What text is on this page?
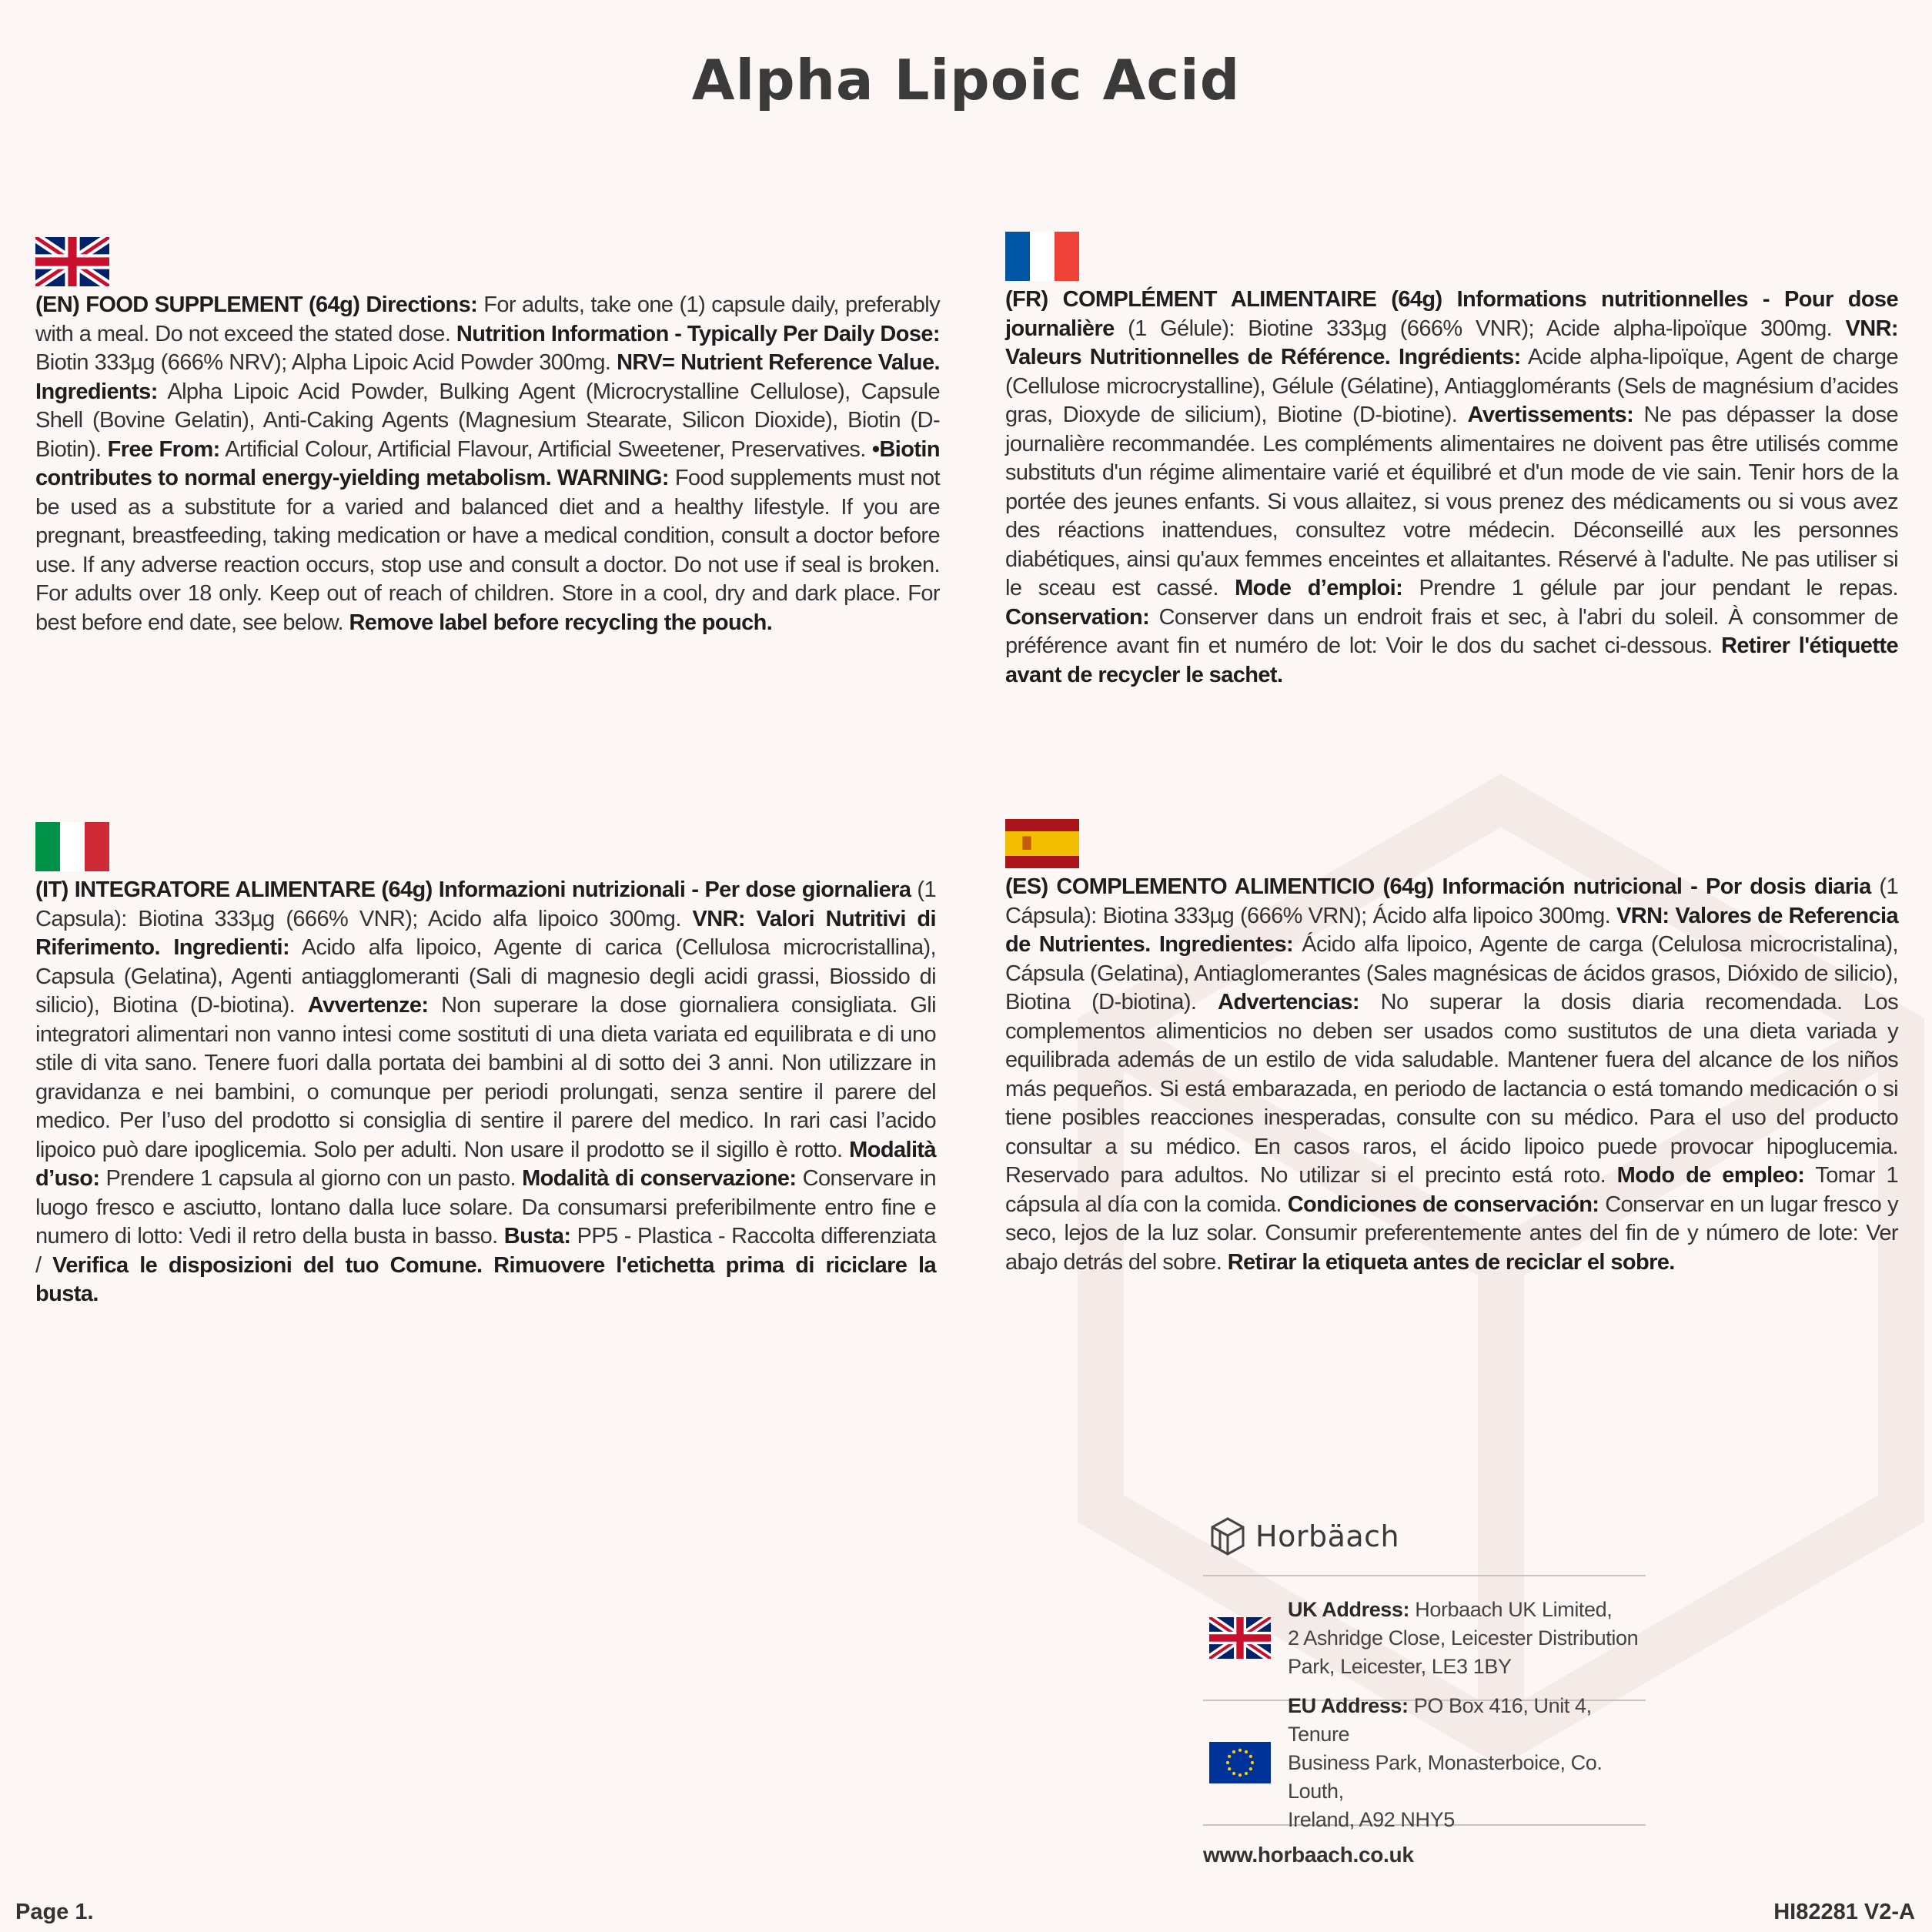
Alpha Lipoic Acid

(EN) FOOD SUPPLEMENT (64g) Directions: For adults, take one (1) capsule daily, preferably with a meal. Do not exceed the stated dose. Nutrition Information - Typically Per Daily Dose: Biotin 333µg (666% NRV); Alpha Lipoic Acid Powder 300mg. NRV= Nutrient Reference Value. Ingredients: Alpha Lipoic Acid Powder, Bulking Agent (Microcrystalline Cellulose), Capsule Shell (Bovine Gelatin), Anti-Caking Agents (Magnesium Stearate, Silicon Dioxide), Biotin (D-Biotin). Free From: Artificial Colour, Artificial Flavour, Artificial Sweetener, Preservatives. •Biotin contributes to normal energy-yielding metabolism. WARNING: Food supplements must not be used as a substitute for a varied and balanced diet and a healthy lifestyle. If you are pregnant, breastfeeding, taking medication or have a medical condition, consult a doctor before use. If any adverse reaction occurs, stop use and consult a doctor. Do not use if seal is broken. For adults over 18 only. Keep out of reach of children. Store in a cool, dry and dark place. For best before end date, see below. Remove label before recycling the pouch.

(FR) COMPLÉMENT ALIMENTAIRE (64g) Informations nutritionnelles - Pour dose journalière (1 Gélule): Biotine 333µg (666% VNR); Acide alpha-lipoïque 300mg. VNR: Valeurs Nutritionnelles de Référence. Ingrédients: Acide alpha-lipoïque, Agent de charge (Cellulose microcrystalline), Gélule (Gélatine), Antiagglomérants (Sels de magnésium d’acides gras, Dioxyde de silicium), Biotine (D-biotine). Avertissements: Ne pas dépasser la dose journalière recommandée. Les compléments alimentaires ne doivent pas être utilisés comme substituts d'un régime alimentaire varié et équilibré et d'un mode de vie sain. Tenir hors de la portée des jeunes enfants. Si vous allaitez, si vous prenez des médicaments ou si vous avez des réactions inattendues, consultez votre médecin. Déconseillé aux les personnes diabétiques, ainsi qu'aux femmes enceintes et allaitantes. Réservé à l'adulte. Ne pas utiliser si le sceau est cassé. Mode d’emploi: Prendre 1 gélule par jour pendant le repas. Conservation: Conserver dans un endroit frais et sec, à l'abri du soleil. À consommer de préférence avant fin et numéro de lot: Voir le dos du sachet ci-dessous. Retirer l'étiquette avant de recycler le sachet.

(IT) INTEGRATORE ALIMENTARE (64g) Informazioni nutrizionali - Per dose giornaliera (1 Capsula): Biotina 333µg (666% VNR); Acido alfa lipoico 300mg. VNR: Valori Nutritivi di Riferimento. Ingredienti: Acido alfa lipoico, Agente di carica (Cellulosa microcristallina), Capsula (Gelatina), Agenti antiagglomeranti (Sali di magnesio degli acidi grassi, Biossido di silicio), Biotina (D-biotina). Avvertenze: Non superare la dose giornaliera consigliata. Gli integratori alimentari non vanno intesi come sostituti di una dieta variata ed equilibrata e di uno stile di vita sano. Tenere fuori dalla portata dei bambini al di sotto dei 3 anni. Non utilizzare in gravidanza e nei bambini, o comunque per periodi prolungati, senza sentire il parere del medico. Per l’uso del prodotto si consiglia di sentire il parere del medico. In rari casi l’acido lipoico può dare ipoglicemia. Solo per adulti. Non usare il prodotto se il sigillo è rotto. Modalità d’uso: Prendere 1 capsula al giorno con un pasto. Modalità di conservazione: Conservare in luogo fresco e asciutto, lontano dalla luce solare. Da consumarsi preferibilmente entro fine e numero di lotto: Vedi il retro della busta in basso. Busta: PP5 - Plastica - Raccolta differenziata / Verifica le disposizioni del tuo Comune. Rimuovere l'etichetta prima di riciclare la busta.

(ES) COMPLEMENTO ALIMENTICIO (64g) Información nutricional - Por dosis diaria (1 Cápsula): Biotina 333µg (666% VRN); Ácido alfa lipoico 300mg. VRN: Valores de Referencia de Nutrientes. Ingredientes: Ácido alfa lipoico, Agente de carga (Celulosa microcristalina), Cápsula (Gelatina), Antiaglomerantes (Sales magnésicas de ácidos grasos, Dióxido de silicio), Biotina (D-biotina). Advertencias: No superar la dosis diaria recomendada. Los complementos alimenticios no deben ser usados como sustitutos de una dieta variada y equilibrada además de un estilo de vida saludable. Mantener fuera del alcance de los niños más pequeños. Si está embarazada, en periodo de lactancia o está tomando medicación o si tiene posibles reacciones inesperadas, consulte con su médico. Para el uso del producto consultar a su médico. En casos raros, el ácido lipoico puede provocar hipoglucemia. Reservado para adultos. No utilizar si el precinto está roto. Modo de empleo: Tomar 1 cápsula al día con la comida. Condiciones de conservación: Conservar en un lugar fresco y seco, lejos de la luz solar. Consumir preferentemente antes del fin de y número de lote: Ver abajo detrás del sobre. Retirar la etiqueta antes de reciclar el sobre.

Horbäach
UK Address: Horbaach UK Limited,
2 Ashridge Close, Leicester Distribution
Park, Leicester, LE3 1BY
EU Address: PO Box 416, Unit 4, Tenure
Business Park, Monasterboice, Co. Louth,
Ireland, A92 NHY5
www.horbaach.co.uk
Page 1.	HI82281 V2-A
